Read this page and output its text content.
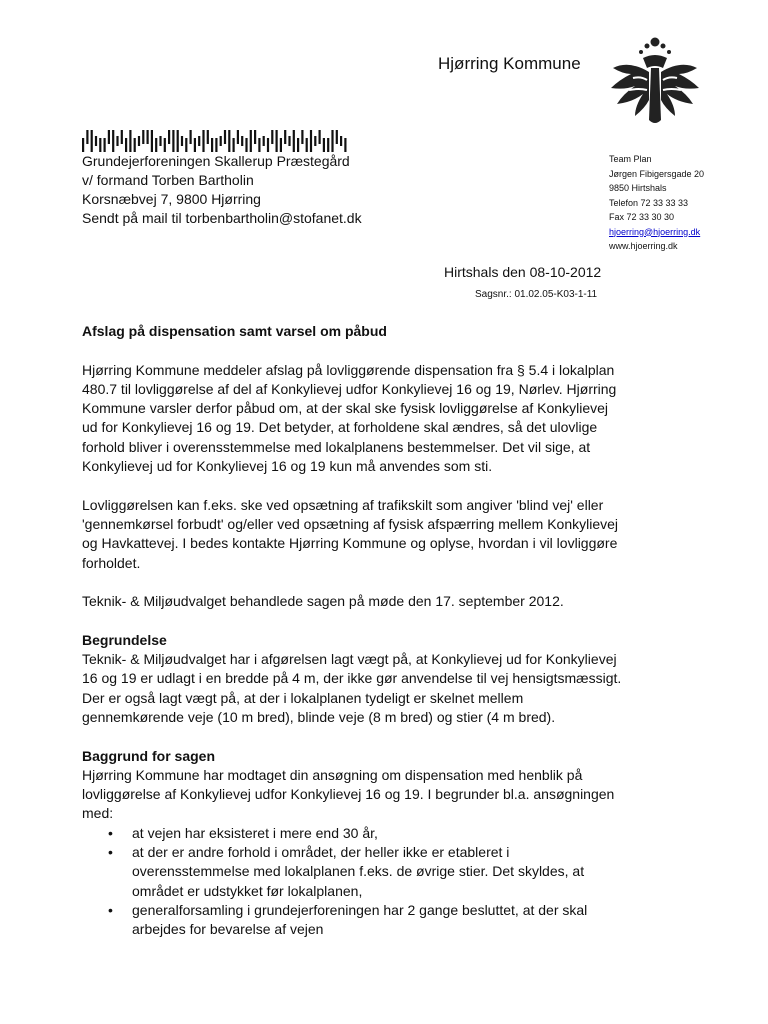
Hjørring Kommune
Grundejerforeningen Skallerup Præstegård
v/ formand Torben Bartholin
Korsnæbvej 7, 9800 Hjørring
Sendt på mail til torbenbartholin@stofanet.dk
Team Plan
Jørgen Fibigersgade 20
9850 Hirtshals
Telefon 72 33 33 33
Fax 72 33 30 30
hjoerring@hjoerring.dk
www.hjoerring.dk
Hirtshals den 08-10-2012
Sagsnr.: 01.02.05-K03-1-11
Afslag på dispensation samt varsel om påbud

Hjørring Kommune meddeler afslag på lovliggørende dispensation fra § 5.4 i lokalplan 480.7 til lovliggørelse af del af Konkylievej udfor Konkylievej 16 og 19, Nørlev. Hjørring Kommune varsler derfor påbud om, at der skal ske fysisk lovliggørelse af Konkylievej ud for Konkylievej 16 og 19. Det betyder, at forholdene skal ændres, så det ulovlige forhold bliver i overensstemmelse med lokalplanens bestemmelser. Det vil sige, at Konkylievej ud for Konkylievej 16 og 19 kun må anvendes som sti.

Lovliggørelsen kan f.eks. ske ved opsætning af trafikskilt som angiver 'blind vej' eller 'gennemkørsel forbudt' og/eller ved opsætning af fysisk afspærring mellem Konkylievej og Havkattevej. I bedes kontakte Hjørring Kommune og oplyse, hvordan i vil lovliggøre forholdet.

Teknik- & Miljøudvalget behandlede sagen på møde den 17. september 2012.

Begrundelse

Teknik- & Miljøudvalget har i afgørelsen lagt vægt på, at Konkylievej ud for Konkylievej 16 og 19 er udlagt i en bredde på 4 m, der ikke gør anvendelse til vej hensigtsmæssigt. Der er også lagt vægt på, at der i lokalplanen tydeligt er skelnet mellem gennemkørende veje (10 m bred), blinde veje (8 m bred) og stier (4 m bred).

Baggrund for sagen

Hjørring Kommune har modtaget din ansøgning om dispensation med henblik på lovliggørelse af Konkylievej udfor Konkylievej 16 og 19. I begrunder bl.a. ansøgningen med:

• at vejen har eksisteret i mere end 30 år,
• at der er andre forhold i området, der heller ikke er etableret i overensstemmelse med lokalplanen f.eks. de øvrige stier. Det skyldes, at området er udstykket før lokalplanen,
• generalforsamling i grundejerforeningen har 2 gange besluttet, at der skal arbejdes for bevarelse af vejen
